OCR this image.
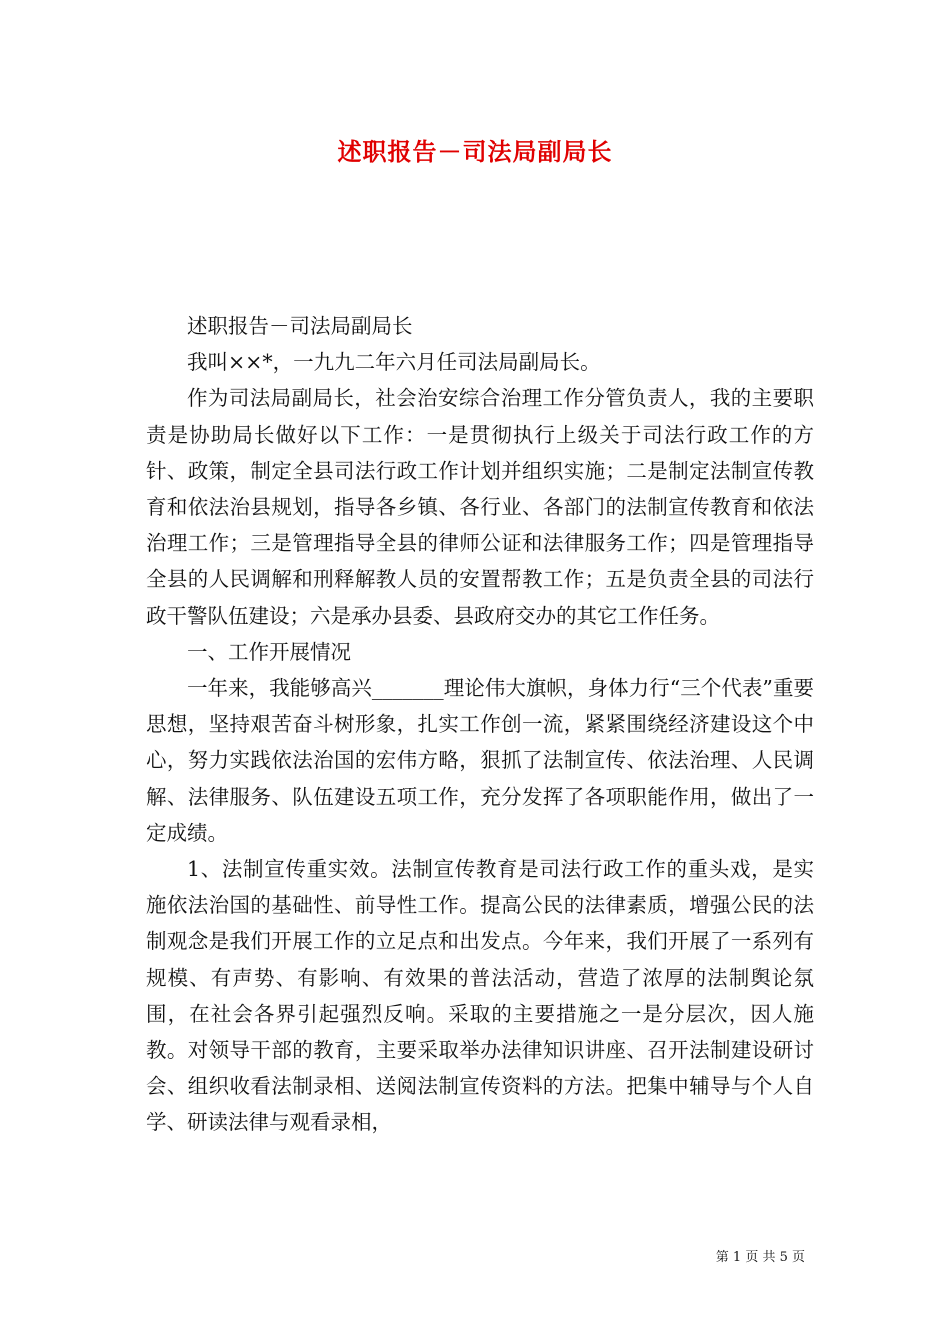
述职报告－司法局副局长

述职报告－司法局副局长

我叫××*，一九九二年六月任司法局副局长。

作为司法局副局长，社会治安综合治理工作分管负责人，我的主要职责是协助局长做好以下工作：一是贯彻执行上级关于司法行政工作的方针、政策，制定全县司法行政工作计划并组织实施；二是制定法制宣传教育和依法治县规划，指导各乡镇、各行业、各部门的法制宣传教育和依法治理工作；三是管理指导全县的律师公证和法律服务工作；四是管理指导全县的人民调解和刑释解教人员的安置帮教工作；五是负责全县的司法行政干警队伍建设；六是承办县委、县政府交办的其它工作任务。

一、工作开展情况

一年来，我能够高兴_______理论伟大旗帜，身体力行“三个代表”重要思想，坚持艰苦奋斗树形象，扎实工作创一流，紧紧围绕经济建设这个中心，努力实践依法治国的宏伟方略，狠抓了法制宣传、依法治理、人民调解、法律服务、队伍建设五项工作，充分发挥了各项职能作用，做出了一定成绩。

1、法制宣传重实效。法制宣传教育是司法行政工作的重头戏，是实施依法治国的基础性、前导性工作。提高公民的法律素质，增强公民的法制观念是我们开展工作的立足点和出发点。今年来，我们开展了一系列有规模、有声势、有影响、有效果的普法活动，营造了浓厚的法制舆论氛围，在社会各界引起强烈反响。采取的主要措施之一是分层次，因人施教。对领导干部的教育，主要采取举办法律知识讲座、召开法制建设研讨会、组织收看法制录相、送阅法制宣传资料的方法。把集中辅导与个人自学、研读法律与观看录相，

第 1 页 共 5 页
